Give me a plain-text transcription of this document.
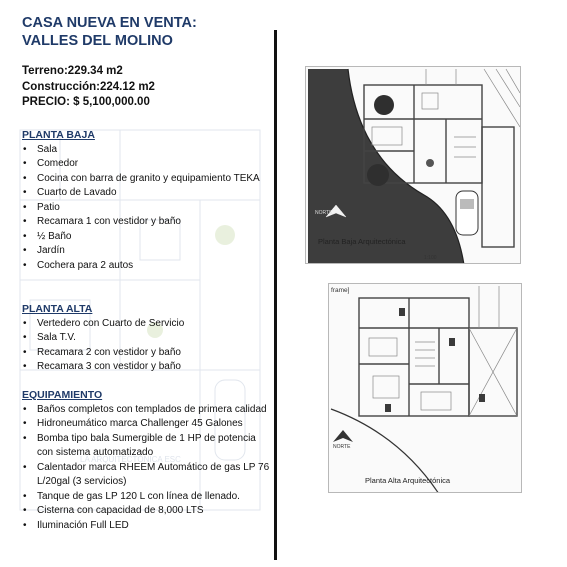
LA ARQUITECTÓNICA ESC
CASA NUEVA EN VENTA:
VALLES DEL MOLINO
Terreno:229.34 m2
Construcción:224.12 m2
PRECIO: $ 5,100,000.00
PLANTA BAJA
• Sala
• Comedor
• Cocina con barra de granito y equipamiento TEKA
• Cuarto de Lavado
• Patio
• Recamara 1 con vestidor y baño
• ½ Baño
• Jardín
• Cochera para 2 autos
PLANTA ALTA
• Vertedero con Cuarto de Servicio
• Sala T.V.
• Recamara 2 con vestidor y baño
• Recamara 3 con vestidor y baño
EQUIPAMIENTO
• Baños completos con templados de primera calidad
• Hidroneumático marca Challenger 45 Galones
• Bomba tipo bala Sumergible de 1 HP de potencia con sistema automatizado
• Calentador marca RHEEM Automático de gas LP 76 L/20gal (3 servicios)
• Tanque de gas LP 120 L con línea de llenado.
• Cisterna con capacidad de 8,000 LTS
• Iluminación Full LED
Planta Baja Arquitectónica
1:100
NORTE
frame]
Planta Alta Arquitectónica
NORTE
